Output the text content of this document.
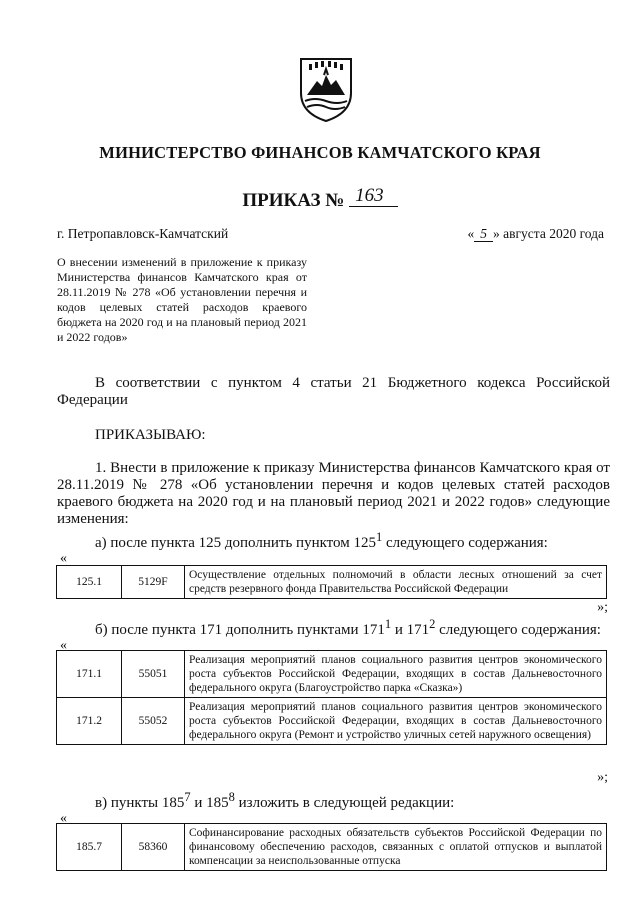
МИНИСТЕРСТВО ФИНАНСОВ КАМЧАТСКОГО КРАЯ
ПРИКАЗ № 163
г. Петропавловск-Камчатский	« 5 » августа 2020 года
О внесении изменений в приложение к приказу Министерства финансов Камчатского края от 28.11.2019 № 278 «Об установлении перечня и кодов целевых статей расходов краевого бюджета на 2020 год и на плановый период 2021 и 2022 годов»
В соответствии с пунктом 4 статьи 21 Бюджетного кодекса Российской Федерации
ПРИКАЗЫВАЮ:
1. Внести в приложение к приказу Министерства финансов Камчатского края от 28.11.2019 № 278 «Об установлении перечня и кодов целевых статей расходов краевого бюджета на 2020 год и на плановый период 2021 и 2022 годов» следующие изменения:
а) после пункта 125 дополнить пунктом $125^1$ следующего содержания:
«
125.1	5129F	Осуществление отдельных полномочий в области лесных отношений за счет средств резервного фонда Правительства Российской Федерации
»;
б) после пункта 171 дополнить пунктами $171^1$ и $171^2$ следующего содержания:
«
171.1	55051	Реализация мероприятий планов социального развития центров экономического роста субъектов Российской Федерации, входящих в состав Дальневосточного федерального округа (Благоустройство парка «Сказка»)
171.2	55052	Реализация мероприятий планов социального развития центров экономического роста субъектов Российской Федерации, входящих в состав Дальневосточного федерального округа (Ремонт и устройство уличных сетей наружного освещения)
»;
в) пункты $185^7$ и $185^8$ изложить в следующей редакции:
«
185.7	58360	Софинансирование расходных обязательств субъектов Российской Федерации по финансовому обеспечению расходов, связанных с оплатой отпусков и выплатой компенсации за неиспользованные отпуска
